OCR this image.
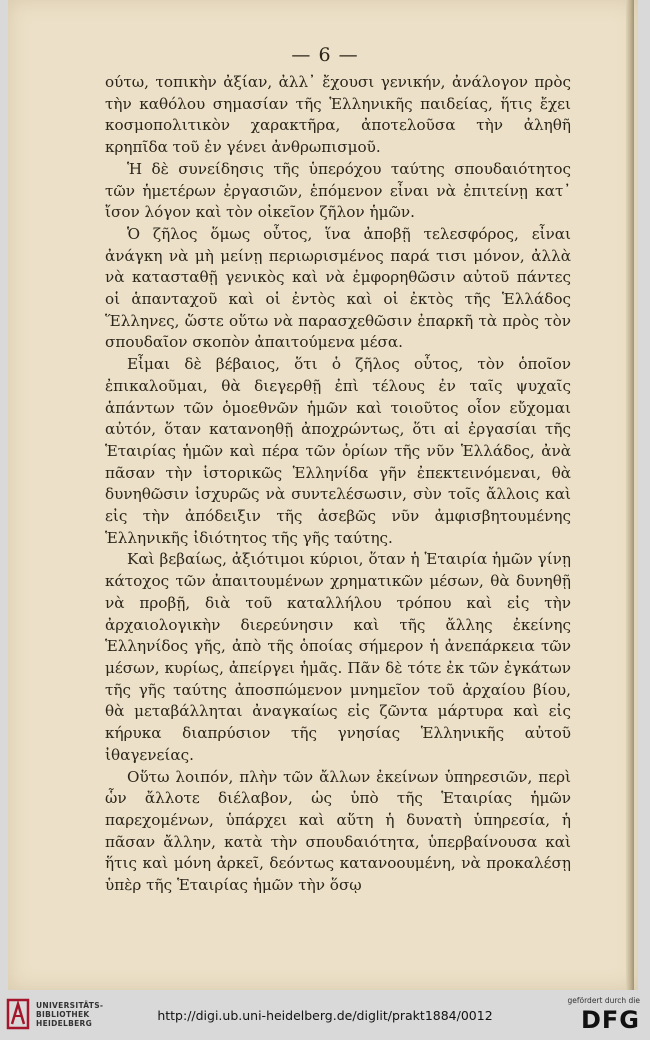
— 6 —

ούτω, τοπικὴν ἀξίαν, ἀλλ᾿ ἔχουσι γενικήν, ἀνάλογον πρὸς τὴν καθόλου σημασίαν τῆς Ἑλληνικῆς παιδείας, ἥτις ἔχει κοσμοπολιτικὸν χαρακτῆρα, ἀποτελοῦσα τὴν ἀληθῆ κρηπῖδα τοῦ ἐν γένει ἀνθρωπισμοῦ.

Ἡ δὲ συνείδησις τῆς ὑπερόχου ταύτης σπουδαιότητος τῶν ἡμετέρων ἐργασιῶν, ἑπόμενον εἶναι νὰ ἐπιτείνῃ κατ᾿ ἴσον λόγον καὶ τὸν οἰκεῖον ζῆλον ἡμῶν.

Ὁ ζῆλος ὅμως οὗτος, ἵνα ἀποβῇ τελεσφόρος, εἶναι ἀνάγκη νὰ μὴ μείνῃ περιωρισμένος παρά τισι μόνον, ἀλλὰ νὰ κατασταθῇ γενικὸς καὶ νὰ ἐμφορηθῶσιν αὐτοῦ πάντες οἱ ἁπανταχοῦ καὶ οἱ ἐντὸς καὶ οἱ ἐκτὸς τῆς Ἑλλάδος Ἕλληνες, ὥστε οὕτω νὰ παρασχεθῶσιν ἐπαρκῆ τὰ πρὸς τὸν σπουδαῖον σκοπὸν ἀπαιτούμενα μέσα.

Εἶμαι δὲ βέβαιος, ὅτι ὁ ζῆλος οὗτος, τὸν ὁποῖον ἐπικαλοῦμαι, θὰ διεγερθῇ ἐπὶ τέλους ἐν ταῖς ψυχαῖς ἁπάντων τῶν ὁμοεθνῶν ἡμῶν καὶ τοιοῦτος οἷον εὔχομαι αὐτόν, ὅταν κατανοηθῇ ἀποχρώντως, ὅτι αἱ ἐργασίαι τῆς Ἑταιρίας ἡμῶν καὶ πέρα τῶν ὁρίων τῆς νῦν Ἑλλάδος, ἀνὰ πᾶσαν τὴν ἱστορικῶς Ἑλληνίδα γῆν ἐπεκτεινόμεναι, θὰ δυνηθῶσιν ἰσχυρῶς νὰ συντελέσωσιν, σὺν τοῖς ἄλλοις καὶ εἰς τὴν ἀπόδειξιν τῆς ἀσεβῶς νῦν ἀμφισβητουμένης Ἑλληνικῆς ἰδιότητος τῆς γῆς ταύτης.

Καὶ βεβαίως, ἀξιότιμοι κύριοι, ὅταν ἡ Ἑταιρία ἡμῶν γίνῃ κάτοχος τῶν ἀπαιτουμένων χρηματικῶν μέσων, θὰ δυνηθῇ νὰ προβῇ, διὰ τοῦ καταλλήλου τρόπου καὶ εἰς τὴν ἀρχαιολογικὴν διερεύνησιν καὶ τῆς ἄλλης ἐκείνης Ἑλληνίδος γῆς, ἀπὸ τῆς ὁποίας σήμερον ἡ ἀνεπάρκεια τῶν μέσων, κυρίως, ἀπείργει ἡμᾶς. Πᾶν δὲ τότε ἐκ τῶν ἐγκάτων τῆς γῆς ταύτης ἀποσπώμενον μνημεῖον τοῦ ἀρχαίου βίου, θὰ μεταβάλληται ἀναγκαίως εἰς ζῶντα μάρτυρα καὶ εἰς κήρυκα διαπρύσιον τῆς γνησίας Ἑλληνικῆς αὐτοῦ ἰθαγενείας.

Οὕτω λοιπόν, πλὴν τῶν ἄλλων ἐκείνων ὑπηρεσιῶν, περὶ ὧν ἄλλοτε διέλαβον, ὡς ὑπὸ τῆς Ἑταιρίας ἡμῶν παρεχομένων, ὑπάρχει καὶ αὕτη ἡ δυνατὴ ὑπηρεσία, ἡ πᾶσαν ἄλλην, κατὰ τὴν σπουδαιότητα, ὑπερβαίνουσα καὶ ἥτις καὶ μόνη ἀρκεῖ, δεόντως κατανοουμένη, νὰ προκαλέσῃ ὑπὲρ τῆς Ἑταιρίας ἡμῶν τὴν ὅσῳ

UNIVERSITÄTS-
BIBLIOTHEK
HEIDELBERG
http://digi.ub.uni-heidelberg.de/diglit/prakt1884/0012
gefördert durch die
DFG
